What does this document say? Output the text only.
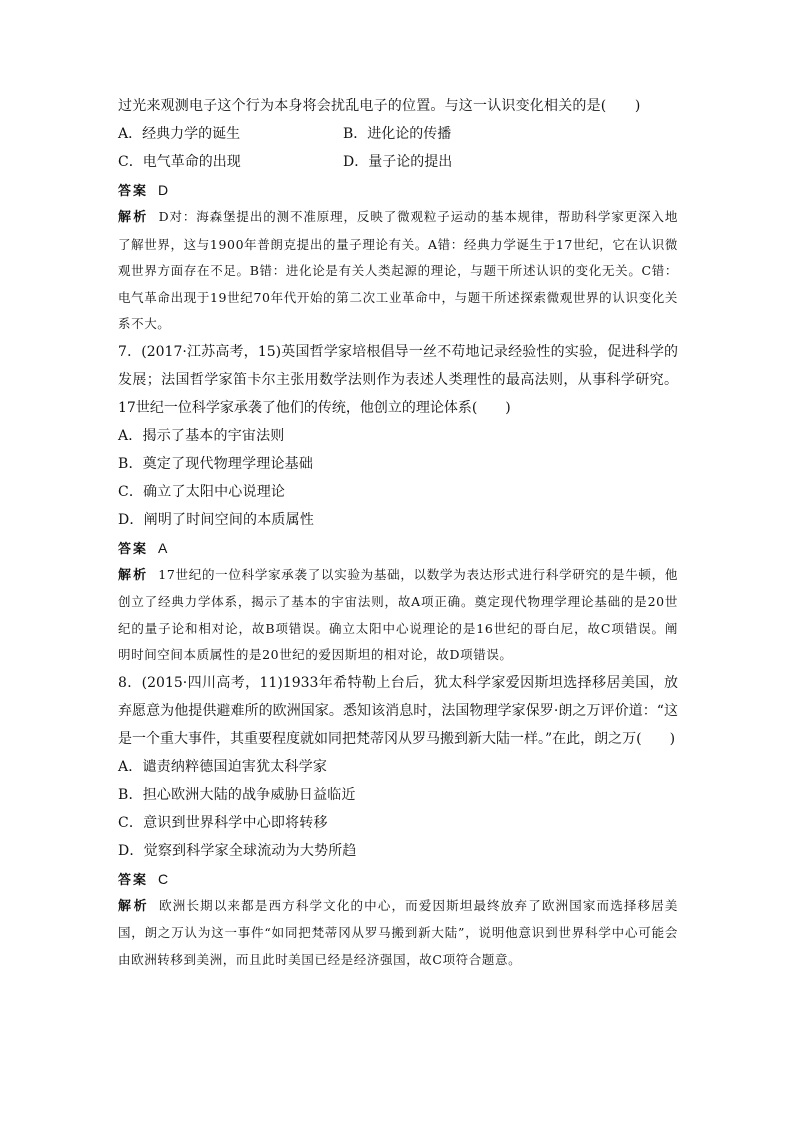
过光来观测电子这个行为本身将会扰乱电子的位置。与这一认识变化相关的是(　　)
A．经典力学的诞生	B．进化论的传播
C．电气革命的出现	D．量子论的提出
答案 D
解析 D对：海森堡提出的测不准原理，反映了微观粒子运动的基本规律，帮助科学家更深入地了解世界，这与1900年普朗克提出的量子理论有关。A错：经典力学诞生于17世纪，它在认识微观世界方面存在不足。B错：进化论是有关人类起源的理论，与题干所述认识的变化无关。C错：电气革命出现于19世纪70年代开始的第二次工业革命中，与题干所述探索微观世界的认识变化关系不大。
7．(2017·江苏高考，15)英国哲学家培根倡导一丝不苟地记录经验性的实验，促进科学的发展；法国哲学家笛卡尔主张用数学法则作为表述人类理性的最高法则，从事科学研究。17世纪一位科学家承袭了他们的传统，他创立的理论体系(　　)
A．揭示了基本的宇宙法则
B．奠定了现代物理学理论基础
C．确立了太阳中心说理论
D．阐明了时间空间的本质属性
答案 A
解析 17世纪的一位科学家承袭了以实验为基础，以数学为表达形式进行科学研究的是牛顿，他创立了经典力学体系，揭示了基本的宇宙法则，故A项正确。奠定现代物理学理论基础的是20世纪的量子论和相对论，故B项错误。确立太阳中心说理论的是16世纪的哥白尼，故C项错误。阐明时间空间本质属性的是20世纪的爱因斯坦的相对论，故D项错误。
8．(2015·四川高考，11)1933年希特勒上台后，犹太科学家爱因斯坦选择移居美国，放弃愿意为他提供避难所的欧洲国家。悉知该消息时，法国物理学家保罗·朗之万评价道：“这是一个重大事件，其重要程度就如同把梵蒂冈从罗马搬到新大陆一样。”在此，朗之万(　　)
A．谴责纳粹德国迫害犹太科学家
B．担心欧洲大陆的战争威胁日益临近
C．意识到世界科学中心即将转移
D．觉察到科学家全球流动为大势所趋
答案 C
解析 欧洲长期以来都是西方科学文化的中心，而爱因斯坦最终放弃了欧洲国家而选择移居美国，朗之万认为这一事件“如同把梵蒂冈从罗马搬到新大陆”，说明他意识到世界科学中心可能会由欧洲转移到美洲，而且此时美国已经是经济强国，故C项符合题意。
